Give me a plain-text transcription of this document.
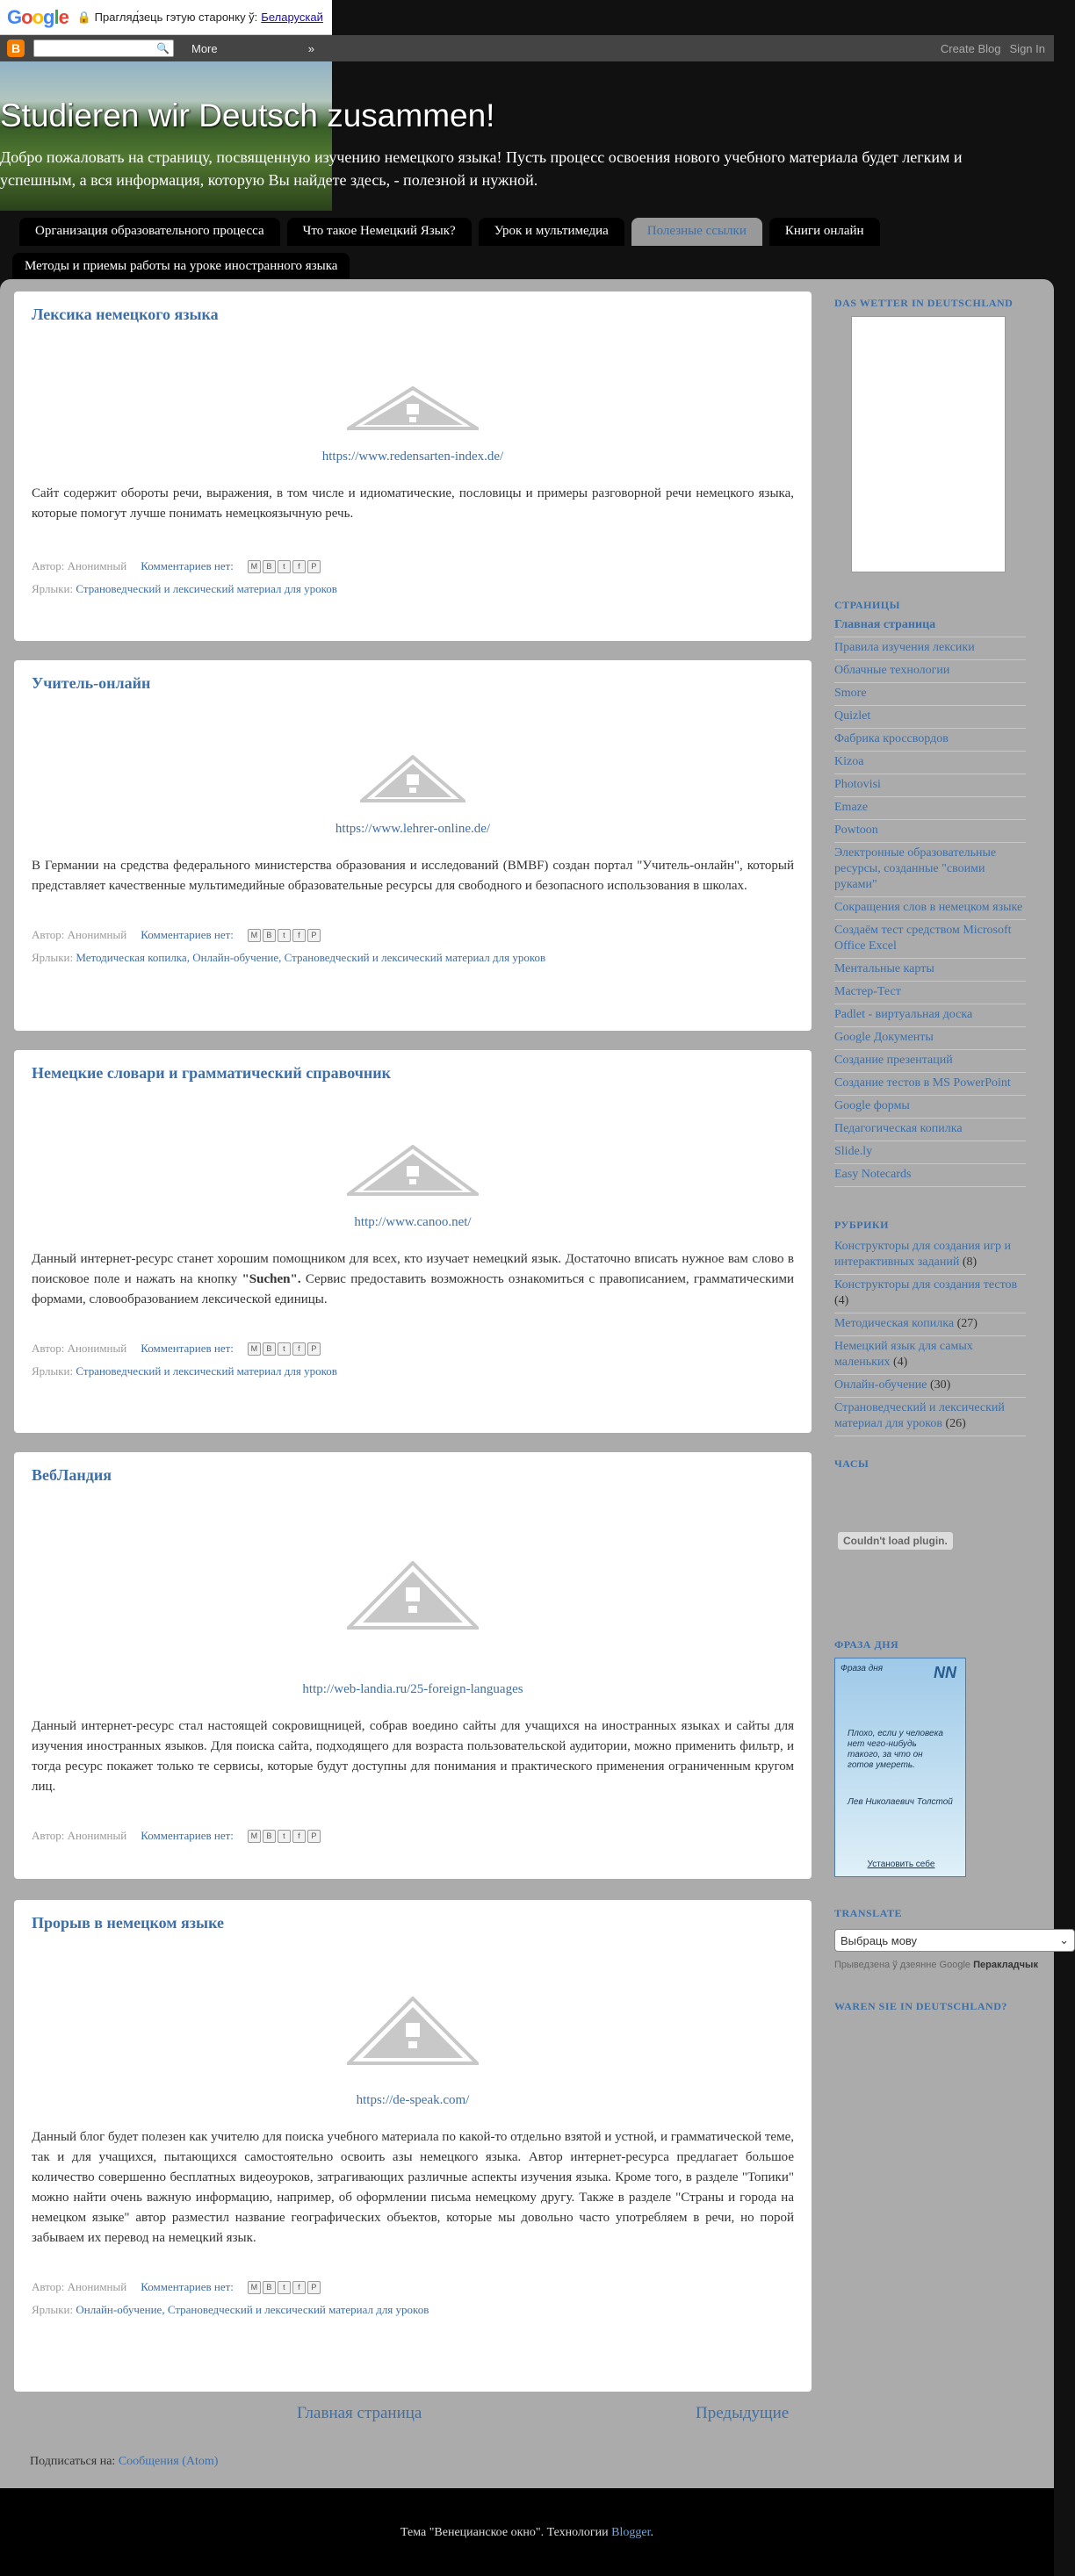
Google 🔒 Прагляд́зець гэтую старонку ў: Беларускай
B	🔍 More	»	Create Blog Sign In
Studieren wir Deutsch zusammen!

Добро пожаловать на страницу, посвященную изучению немецкого языка! Пусть процесс освоения нового учебного материала будет легким и успешным, а вся информация, которую Вы найдете здесь, - полезной и нужной.

Организация образовательного процесса	Что такое Немецкий Язык?	Урок и мультимедиа	Полезные ссылки	Книги онлайн
Методы и приемы работы на уроке иностранного языка
Лексика немецкого языка
https://www.redensarten-index.de/

Сайт содержит обороты речи, выражения, в том числе и идиоматические, пословицы и примеры разговорной речи немецкого языка, которые помогут лучше понимать немецкоязычную речь.

Автор: Анонимный Комментариев нет:	M	B	t	f	P
Ярлыки: Страноведческий и лексический материал для уроков
Учитель-онлайн
https://www.lehrer-online.de/

В Германии на средства федерального министерства образования и исследований (BMBF) создан портал "Учитель-онлайн", который представляет качественные мультимедийные образовательные ресурсы для свободного и безопасного использования в школах.

Автор: Анонимный Комментариев нет:	M	B	t	f	P
Ярлыки: Методическая копилка, Онлайн-обучение, Страноведческий и лексический материал для уроков
Немецкие словари и грамматический справочник
http://www.canoo.net/

Данный интернет-ресурс станет хорошим помощником для всех, кто изучает немецкий язык. Достаточно вписать нужное вам слово в поисковое поле и нажать на кнопку "Suchen". Сервис предоставить возможность ознакомиться с правописанием, грамматическими формами, словообразованием лексической единицы.

Автор: Анонимный Комментариев нет:	M	B	t	f	P
Ярлыки: Страноведческий и лексический материал для уроков
ВебЛандия
http://web-landia.ru/25-foreign-languages

Данный интернет-ресурс стал настоящей сокровищницей, собрав воедино сайты для учащихся на иностранных языках и сайты для изучения иностранных языков. Для поиска сайта, подходящего для возраста пользовательской аудитории, можно применить фильтр, и тогда ресурс покажет только те сервисы, которые будут доступны для понимания и практического применения ограниченным кругом лиц.

Автор: Анонимный Комментариев нет:	M	B	t	f	P
Прорыв в немецком языке
https://de-speak.com/

Данный блог будет полезен как учителю для поиска учебного материала по какой-то отдельно взятой и устной, и грамматической теме, так и для учащихся, пытающихся самостоятельно освоить азы немецкого языка. Автор интернет-ресурса предлагает большое количество совершенно бесплатных видеоуроков, затрагивающих различные аспекты изучения языка. Кроме того, в разделе "Топики" можно найти очень важную информацию, например, об оформлении письма немецкому другу. Также в разделе "Страны и города на немецком языке" автор разместил название географических объектов, которые мы довольно часто употребляем в речи, но порой забываем их перевод на немецкий язык.

Автор: Анонимный Комментариев нет:	M	B	t	f	P
Ярлыки: Онлайн-обучение, Страноведческий и лексический материал для уроков
Главная страница	Предыдущие
Подписаться на: Сообщения (Atom)
Тема "Венецианское окно". Технологии Blogger.
DAS WETTER IN DEUTSCHLAND
СТРАНИЦЫ
Главная страница
Правила изучения лексики
Облачные технологии
Smore
Quizlet
Фабрика кроссвордов
Kizoa
Photovisi
Emaze
Powtoon
Электронные образовательные ресурсы, созданные "своими руками"
Сокращения слов в немецком языке
Создаём тест средством Microsoft Office Excel
Ментальные карты
Мастер-Тест
Padlet - виртуальная доска
Google Документы
Создание презентаций
Создание тестов в MS PowerPoint
Google формы
Педагогическая копилка
Slide.ly
Easy Notecards
РУБРИКИ
Конструкторы для создания игр и интерактивных заданий (8)
Конструкторы для создания тестов (4)
Методическая копилка (27)
Немецкий язык для самых маленьких (4)
Онлайн-обучение (30)
Страноведческий и лексический материал для уроков (26)
ЧАСЫ
Couldn't load plugin.
ФРАЗА ДНЯ
Фраза дня	NN
Плохо, если у человека нет чего-нибудь такого, за что он готов умереть.
Лев Николаевич Толстой
Установить себе
TRANSLATE
Выбраць мову	⌄
Прыведзена ў дзеянне Google Перакладчык
WAREN SIE IN DEUTSCHLAND?
